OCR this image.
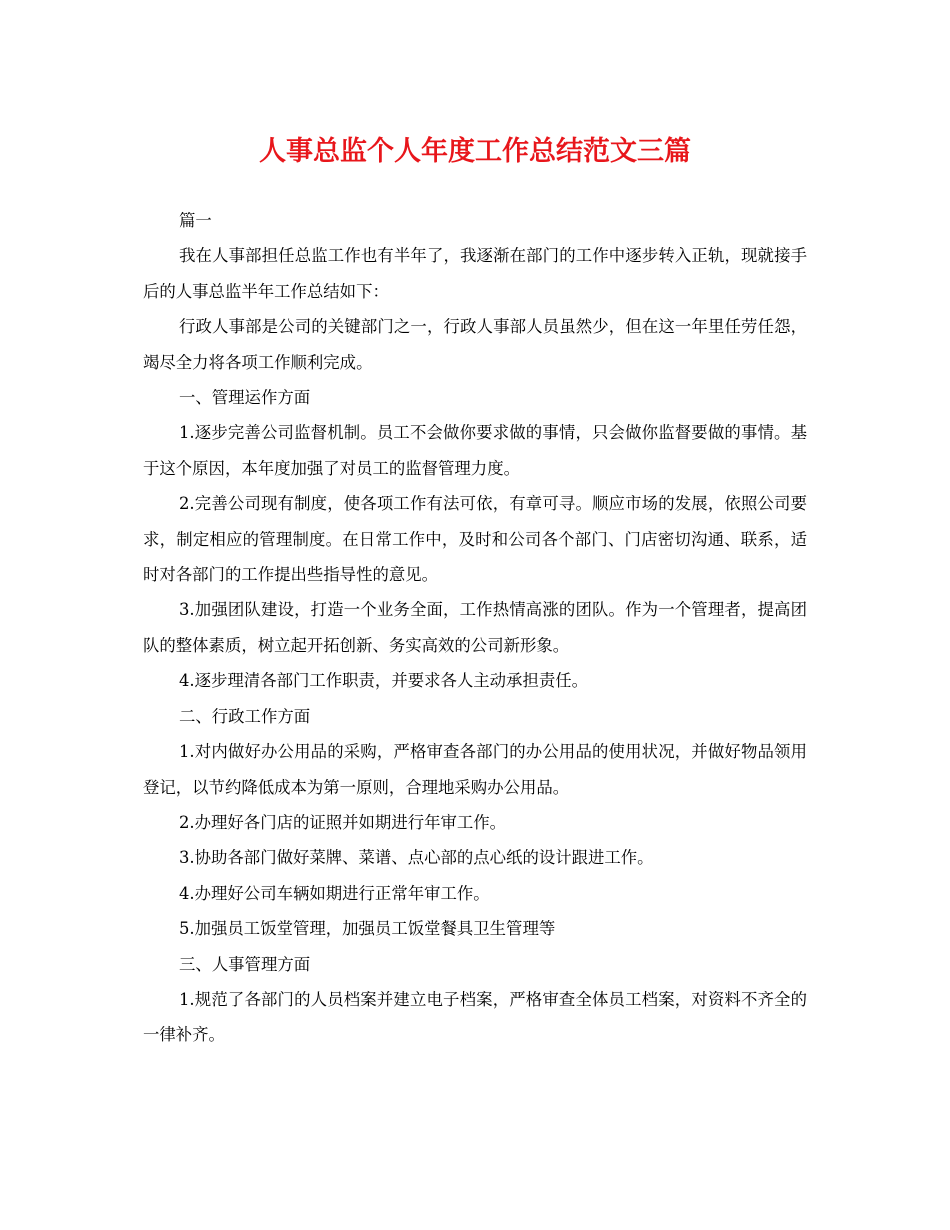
人事总监个人年度工作总结范文三篇

篇一

我在人事部担任总监工作也有半年了，我逐渐在部门的工作中逐步转入正轨，现就接手后的人事总监半年工作总结如下：

行政人事部是公司的关键部门之一，行政人事部人员虽然少，但在这一年里任劳任怨，竭尽全力将各项工作顺利完成。

一、管理运作方面

1.逐步完善公司监督机制。员工不会做你要求做的事情，只会做你监督要做的事情。基于这个原因，本年度加强了对员工的监督管理力度。

2.完善公司现有制度，使各项工作有法可依，有章可寻。顺应市场的发展，依照公司要求，制定相应的管理制度。在日常工作中，及时和公司各个部门、门店密切沟通、联系，适时对各部门的工作提出些指导性的意见。

3.加强团队建设，打造一个业务全面，工作热情高涨的团队。作为一个管理者，提高团队的整体素质，树立起开拓创新、务实高效的公司新形象。

4.逐步理清各部门工作职责，并要求各人主动承担责任。

二、行政工作方面

1.对内做好办公用品的采购，严格审查各部门的办公用品的使用状况，并做好物品领用登记，以节约降低成本为第一原则，合理地采购办公用品。

2.办理好各门店的证照并如期进行年审工作。

3.协助各部门做好菜牌、菜谱、点心部的点心纸的设计跟进工作。

4.办理好公司车辆如期进行正常年审工作。

5.加强员工饭堂管理，加强员工饭堂餐具卫生管理等

三、人事管理方面

1.规范了各部门的人员档案并建立电子档案，严格审查全体员工档案，对资料不齐全的一律补齐。
